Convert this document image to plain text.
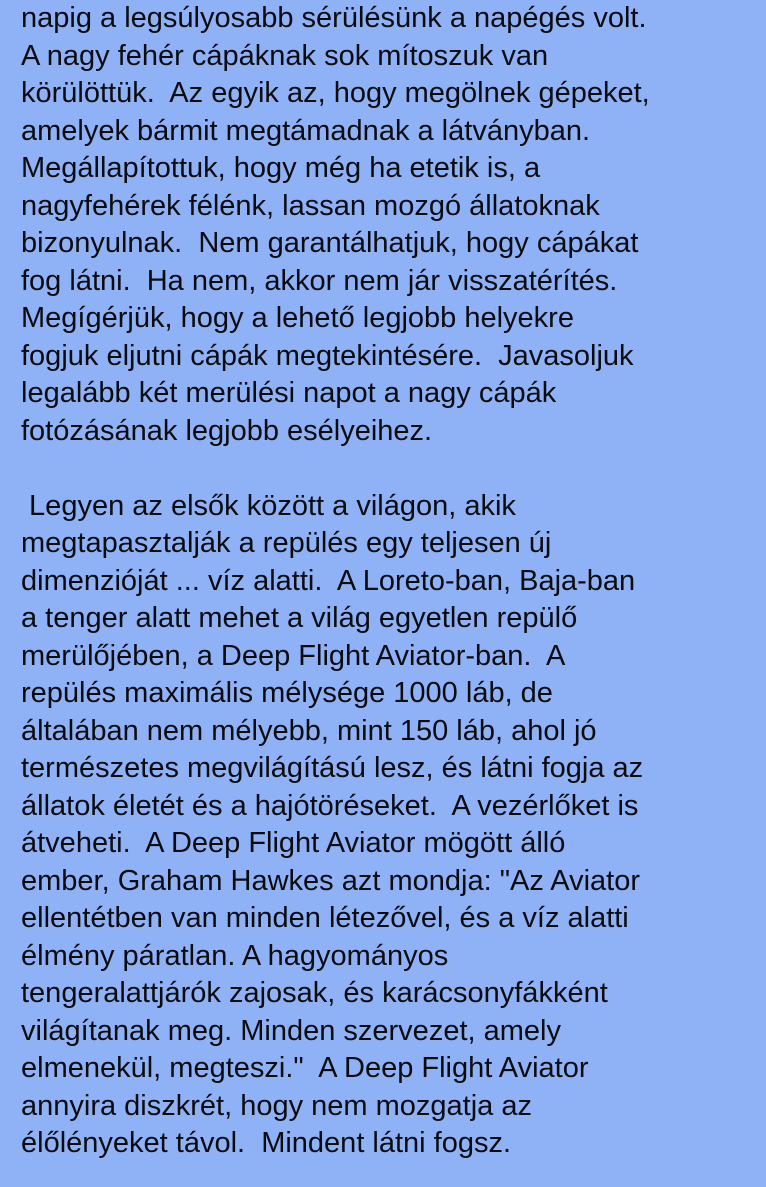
napig a legsúlyosabb sérülésünk a napégés volt.
A nagy fehér cápáknak sok mítoszuk van
körülöttük.  Az egyik az, hogy megölnek gépeket,
amelyek bármit megtámadnak a látványban.
Megállapítottuk, hogy még ha etetik is, a
nagyfehérek félénk, lassan mozgó állatoknak
bizonyulnak.  Nem garantálhatjuk, hogy cápákat
fog látni.  Ha nem, akkor nem jár visszatérítés.
Megígérjük, hogy a lehető legjobb helyekre
fogjuk eljutni cápák megtekintésére.  Javasoljuk
legalább két merülési napot a nagy cápák
fotózásának legjobb esélyeihez.
Legyen az elsők között a világon, akik
megtapasztalják a repülés egy teljesen új
dimenzióját ... víz alatti.  A Loreto-ban, Baja-ban
a tenger alatt mehet a világ egyetlen repülő
merülőjében, a Deep Flight Aviator-ban.  A
repülés maximális mélysége 1000 láb, de
általában nem mélyebb, mint 150 láb, ahol jó
természetes megvilágítású lesz, és látni fogja az
állatok életét és a hajótöréseket.  A vezérlőket is
átveheti.  A Deep Flight Aviator mögött álló
ember, Graham Hawkes azt mondja: "Az Aviator
ellentétben van minden létezővel, és a víz alatti
élmény páratlan. A hagyományos
tengeralattjárók zajosak, és karácsonyfákként
világítanak meg. Minden szervezet, amely
elmenekül, megteszi."  A Deep Flight Aviator
annyira diszkrét, hogy nem mozgatja az
élőlényeket távol.  Mindent látni fogsz.
